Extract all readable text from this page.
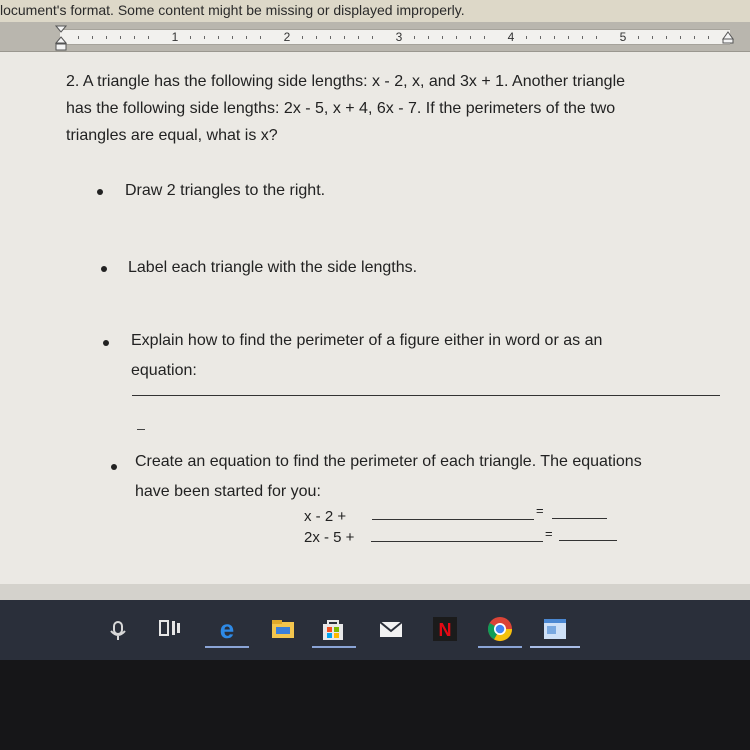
locument's format. Some content might be missing or displayed improperly.
1	2	3	4	5
2. A triangle has the following side lengths: x - 2, x, and 3x + 1. Another triangle
has the following side lengths: 2x - 5, x + 4, 6x - 7. If the perimeters of the two
triangles are equal, what is x?
Draw 2 triangles to the right.
Label each triangle with the side lengths.
Explain how to find the perimeter of a figure either in word or as an
equation:
Create an equation to find the perimeter of each triangle. The equations
have been started for you:
x - 2 +	=
2x - 5 +	=
e	N
